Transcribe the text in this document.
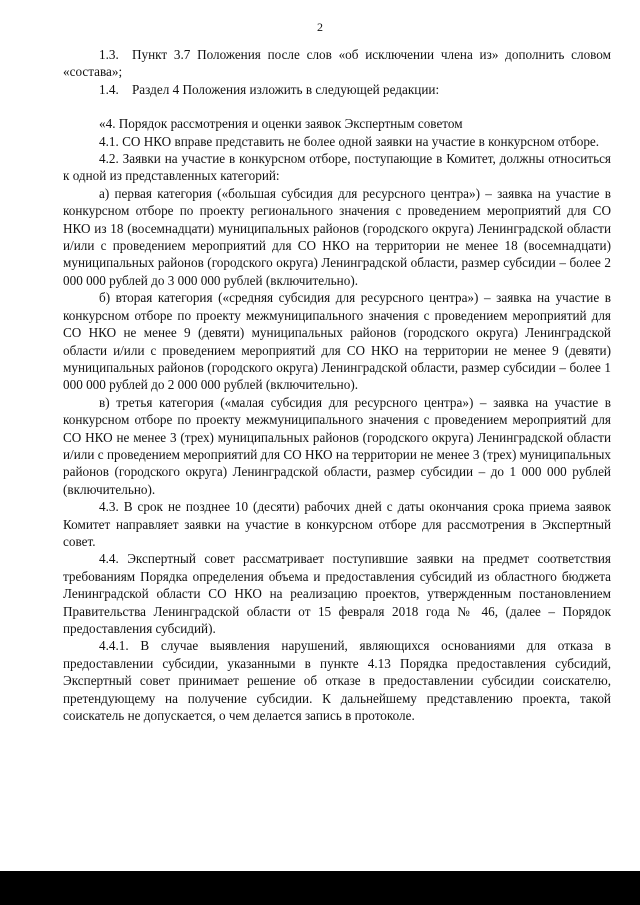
2

1.3. Пункт 3.7 Положения после слов «об исключении члена из» дополнить словом «состава»;

1.4. Раздел 4 Положения изложить в следующей редакции:

«4. Порядок рассмотрения и оценки заявок Экспертным советом

4.1. СО НКО вправе представить не более одной заявки на участие в конкурсном отборе.

4.2. Заявки на участие в конкурсном отборе, поступающие в Комитет, должны относиться к одной из представленных категорий:

а) первая категория («большая субсидия для ресурсного центра») – заявка на участие в конкурсном отборе по проекту регионального значения с проведением мероприятий для СО НКО из 18 (восемнадцати) муниципальных районов (городского округа) Ленинградской области и/или с проведением мероприятий для СО НКО на территории не менее 18 (восемнадцати) муниципальных районов (городского округа) Ленинградской области, размер субсидии – более 2 000 000 рублей до 3 000 000 рублей (включительно).

б) вторая категория («средняя субсидия для ресурсного центра») – заявка на участие в конкурсном отборе по проекту межмуниципального значения с проведением мероприятий для СО НКО не менее 9 (девяти) муниципальных районов (городского округа) Ленинградской области и/или с проведением мероприятий для СО НКО на территории не менее 9 (девяти) муниципальных районов (городского округа) Ленинградской области, размер субсидии – более 1 000 000 рублей до 2 000 000 рублей (включительно).

в) третья категория («малая субсидия для ресурсного центра») – заявка на участие в конкурсном отборе по проекту межмуниципального значения с проведением мероприятий для СО НКО не менее 3 (трех) муниципальных районов (городского округа) Ленинградской области и/или с проведением мероприятий для СО НКО на территории не менее 3 (трех) муниципальных районов (городского округа) Ленинградской области, размер субсидии – до 1 000 000 рублей (включительно).

4.3. В срок не позднее 10 (десяти) рабочих дней с даты окончания срока приема заявок Комитет направляет заявки на участие в конкурсном отборе для рассмотрения в Экспертный совет.

4.4. Экспертный совет рассматривает поступившие заявки на предмет соответствия требованиям Порядка определения объема и предоставления субсидий из областного бюджета Ленинградской области СО НКО на реализацию проектов, утвержденным постановлением Правительства Ленинградской области от 15 февраля 2018 года № 46, (далее – Порядок предоставления субсидий).

4.4.1. В случае выявления нарушений, являющихся основаниями для отказа в предоставлении субсидии, указанными в пункте 4.13 Порядка предоставления субсидий, Экспертный совет принимает решение об отказе в предоставлении субсидии соискателю, претендующему на получение субсидии. К дальнейшему представлению проекта, такой соискатель не допускается, о чем делается запись в протоколе.
